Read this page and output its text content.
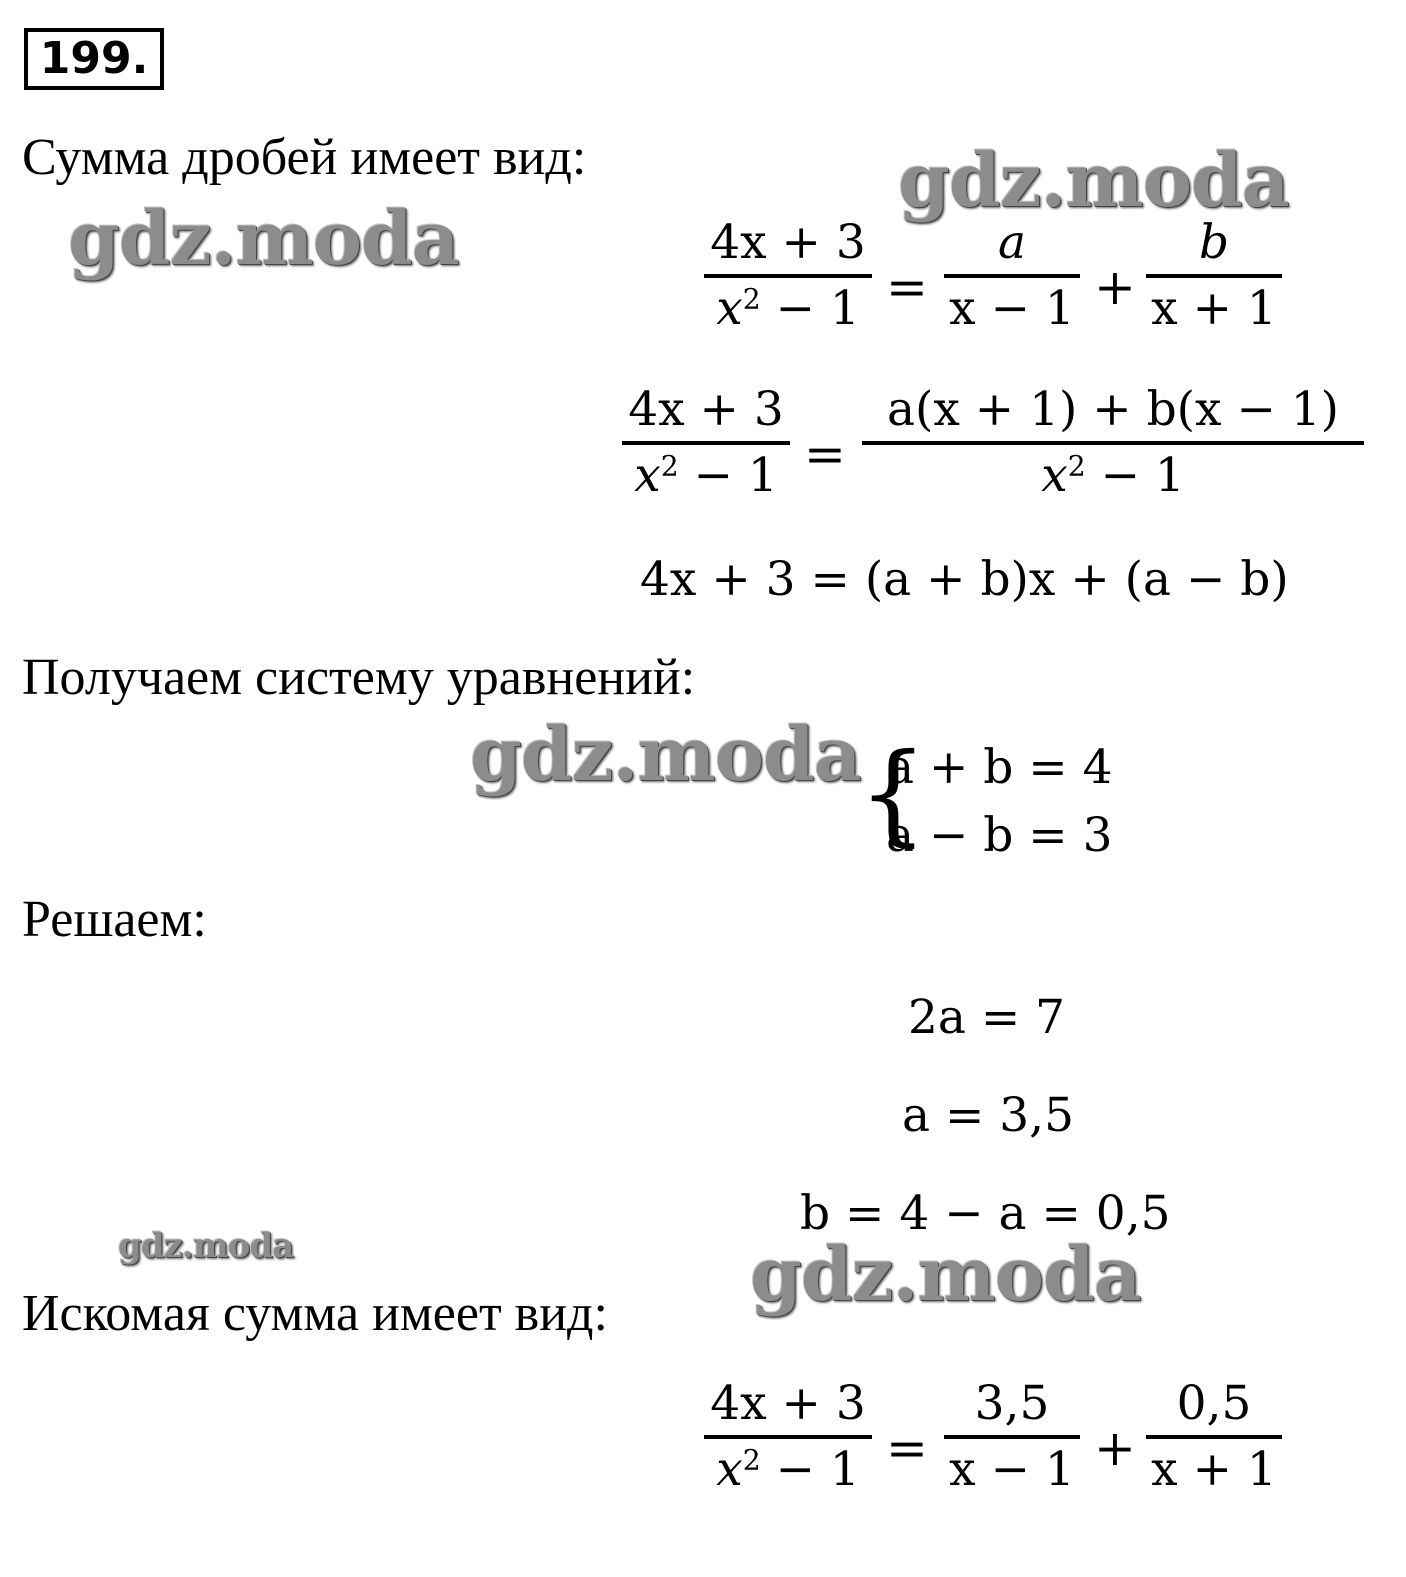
199.
Сумма дробей имеет вид:	gdz.moda
gdz.moda
gdz.moda
gdz.moda	gdz.moda
4x + 3
$x^2 - 1$ =
a
x − 1 +
b
x + 1
4x + 3
$x^2 - 1$ =
a(x + 1) + b(x − 1)
$x^2 - 1$
4x + 3 = (a + b)x + (a − b)
Получаем систему уравнений:
{
a + b = 4
a − b = 3
Решаем:
2a = 7
a = 3,5
b = 4 − a = 0,5
Искомая сумма имеет вид:
4x + 3
$x^2 - 1$ =
3,5
x − 1 +
0,5
x + 1
